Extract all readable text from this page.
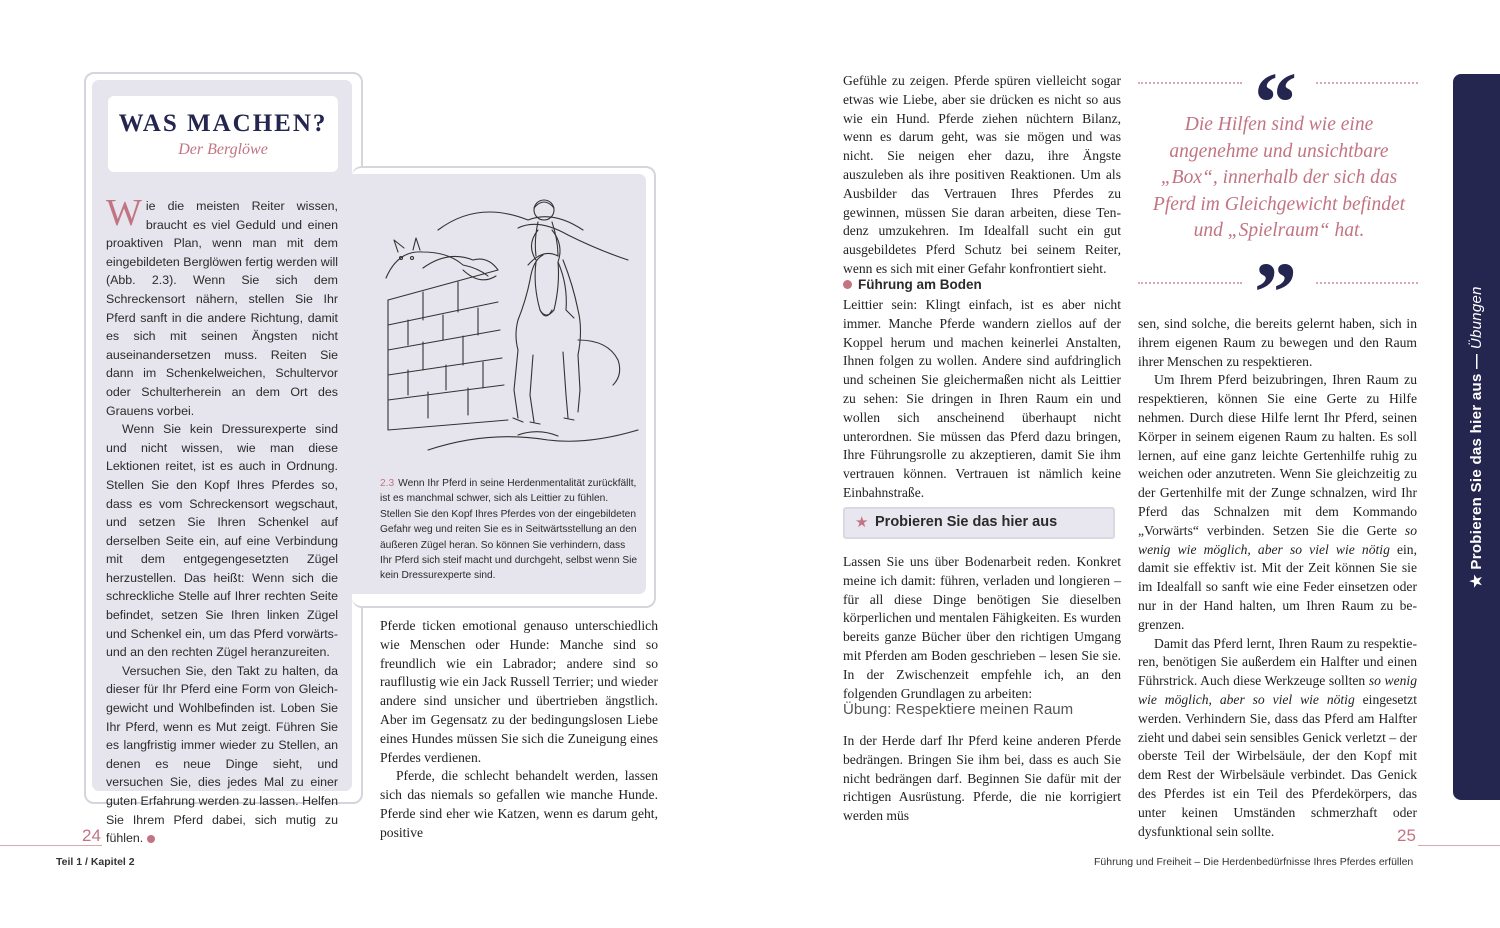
WAS MACHEN?
Der Berglöwe

Wie die meisten Reiter wissen, braucht es viel Geduld und einen proaktiven Plan, wenn man mit dem eingebildeten Berglöwen fertig werden will (Abb. 2.3). Wenn Sie sich dem Schreckensort nähern, stellen Sie Ihr Pferd sanft in die andere Richtung, damit es sich mit seinen Ängsten nicht auseinandersetzen muss. Reiten Sie dann im Schenkelweichen, Schultervor oder Schulterherein an dem Ort des Grauens vorbei.

Wenn Sie kein Dressurexperte sind und nicht wissen, wie man diese Lektionen reitet, ist es auch in Ordnung. Stellen Sie den Kopf Ihres Pferdes so, dass es vom Schreckensort wegschaut, und setzen Sie Ihren Schenkel auf derselben Seite ein, auf eine Verbindung mit dem entgegengesetzten Zügel herzustellen. Das heißt: Wenn sich die schreckliche Stelle auf Ihrer rechten Seite befindet, setzen Sie Ihren linken Zügel und Schenkel ein, um das Pferd vorwärtsund an den rechten Zügel heranzureiten.

Versuchen Sie, den Takt zu halten, da dieser für Ihr Pferd eine Form von Gleichgewicht und Wohlbefinden ist. Loben Sie Ihr Pferd, wenn es Mut zeigt. Führen Sie es langfristig immer wieder zu Stellen, an denen es neue Dinge sieht, und versuchen Sie, dies jedes Mal zu einer guten Erfahrung werden zu lassen. Helfen Sie Ihrem Pferd dabei, sich mutig zu fühlen.

2.3 Wenn Ihr Pferd in seine Herdenmentalität zurückfällt, ist es manchmal schwer, sich als Leittier zu fühlen. Stellen Sie den Kopf Ihres Pferdes von der eingebildeten Gefahr weg und reiten Sie es in Seitwärtsstellung an den äußeren Zügel heran. So können Sie verhindern, dass Ihr Pferd sich steif macht und durchgeht, selbst wenn Sie kein Dressurexperte sind.

Pferde ticken emotional genauso unterschiedlich wie Menschen oder Hunde: Manche sind so freundlich wie ein Labrador; andere sind so raufllustig wie ein Jack Russell Terrier; und wieder andere sind unsicher und übertrieben ängstlich. Aber im Gegensatz zu der bedingungslosen Liebe eines Hundes müssen Sie sich die Zuneigung eines Pferdes verdienen.

Pferde, die schlecht behandelt werden, lassen sich das niemals so gefallen wie manche Hunde. Pferde sind eher wie Katzen, wenn es darum geht, positive

24
Teil 1 / Kapitel 2

Gefühle zu zeigen. Pferde spüren vielleicht sogar etwas wie Liebe, aber sie drücken es nicht so aus wie ein Hund. Pferde ziehen nüchtern Bilanz, wenn es darum geht, was sie mögen und was nicht. Sie neigen eher dazu, ihre Ängste auszuleben als ihre positiven Reaktionen. Um als Ausbilder das Vertrauen Ihres Pferdes zu gewinnen, müssen Sie daran arbeiten, diese Tendenz umzukehren. Im Idealfall sucht ein gut ausgebildetes Pferd Schutz bei seinem Reiter, wenn es sich mit einer Gefahr konfrontiert sieht.

Führung am Boden

Leittier sein: Klingt einfach, ist es aber nicht immer. Manche Pferde wandern ziellos auf der Koppel herum und machen keinerlei Anstalten, Ihnen folgen zu wollen. Andere sind aufdringlich und scheinen Sie gleichermaßen nicht als Leittier zu sehen: Sie dringen in Ihren Raum ein und wollen sich anscheinend überhaupt nicht unterordnen. Sie müssen das Pferd dazu bringen, Ihre Führungsrolle zu akzeptieren, damit Sie ihm vertrauen können. Vertrauen ist nämlich keine Einbahnstraße.

★ Probieren Sie das hier aus

Lassen Sie uns über Bodenarbeit reden. Konkret meine ich damit: führen, verladen und longieren – für all diese Dinge benötigen Sie dieselben körperlichen und mentalen Fähigkeiten. Es wurden bereits ganze Bücher über den richtigen Umgang mit Pferden am Boden geschrieben – lesen Sie sie. In der Zwischenzeit empfehle ich, an den folgenden Grundlagen zu arbeiten:

Übung: Respektiere meinen Raum

In der Herde darf Ihr Pferd keine anderen Pferde bedrängen. Bringen Sie ihm bei, dass es auch Sie nicht bedrängen darf. Beginnen Sie dafür mit der richtigen Ausrüstung. Pferde, die nie korrigiert werden müs

“
Die Hilfen sind wie eine angenehme und unsichtbare „Box“, innerhalb der sich das Pferd im Gleichgewicht befindet und „Spielraum“ hat.
”

sen, sind solche, die bereits gelernt haben, sich in ihrem eigenen Raum zu bewegen und den Raum ihrer Menschen zu respektieren.

Um Ihrem Pferd beizubringen, Ihren Raum zu respektieren, können Sie eine Gerte zu Hilfe nehmen. Durch diese Hilfe lernt Ihr Pferd, seinen Körper in seinem eigenen Raum zu halten. Es soll lernen, auf eine ganz leichte Gertenhilfe ruhig zu weichen oder anzutreten. Wenn Sie gleichzeitig zu der Gertenhilfe mit der Zunge schnalzen, wird Ihr Pferd das Schnalzen mit dem Kommando „Vorwärts“ verbinden. Setzen Sie die Gerte so wenig wie möglich, aber so viel wie nötig ein, damit sie effektiv ist. Mit der Zeit können Sie sie im Idealfall so sanft wie eine Feder einsetzen oder nur in der Hand halten, um Ihren Raum zu begrenzen.

Damit das Pferd lernt, Ihren Raum zu respektieren, benötigen Sie außerdem ein Halfter und einen Führstrick. Auch diese Werkzeuge sollten so wenig wie möglich, aber so viel wie nötig eingesetzt werden. Verhindern Sie, dass das Pferd am Halfter zieht und dabei sein sensibles Genick verletzt – der oberste Teil der Wirbelsäule, der den Kopf mit dem Rest der Wirbelsäule verbindet. Das Genick des Pferdes ist ein Teil des Pferdekörpers, das unter keinen Umständen schmerzhaft oder dysfunktional sein sollte.

★ Probieren Sie das hier aus — Übungen
25
Führung und Freiheit – Die Herdenbedürfnisse Ihres Pferdes erfüllen
